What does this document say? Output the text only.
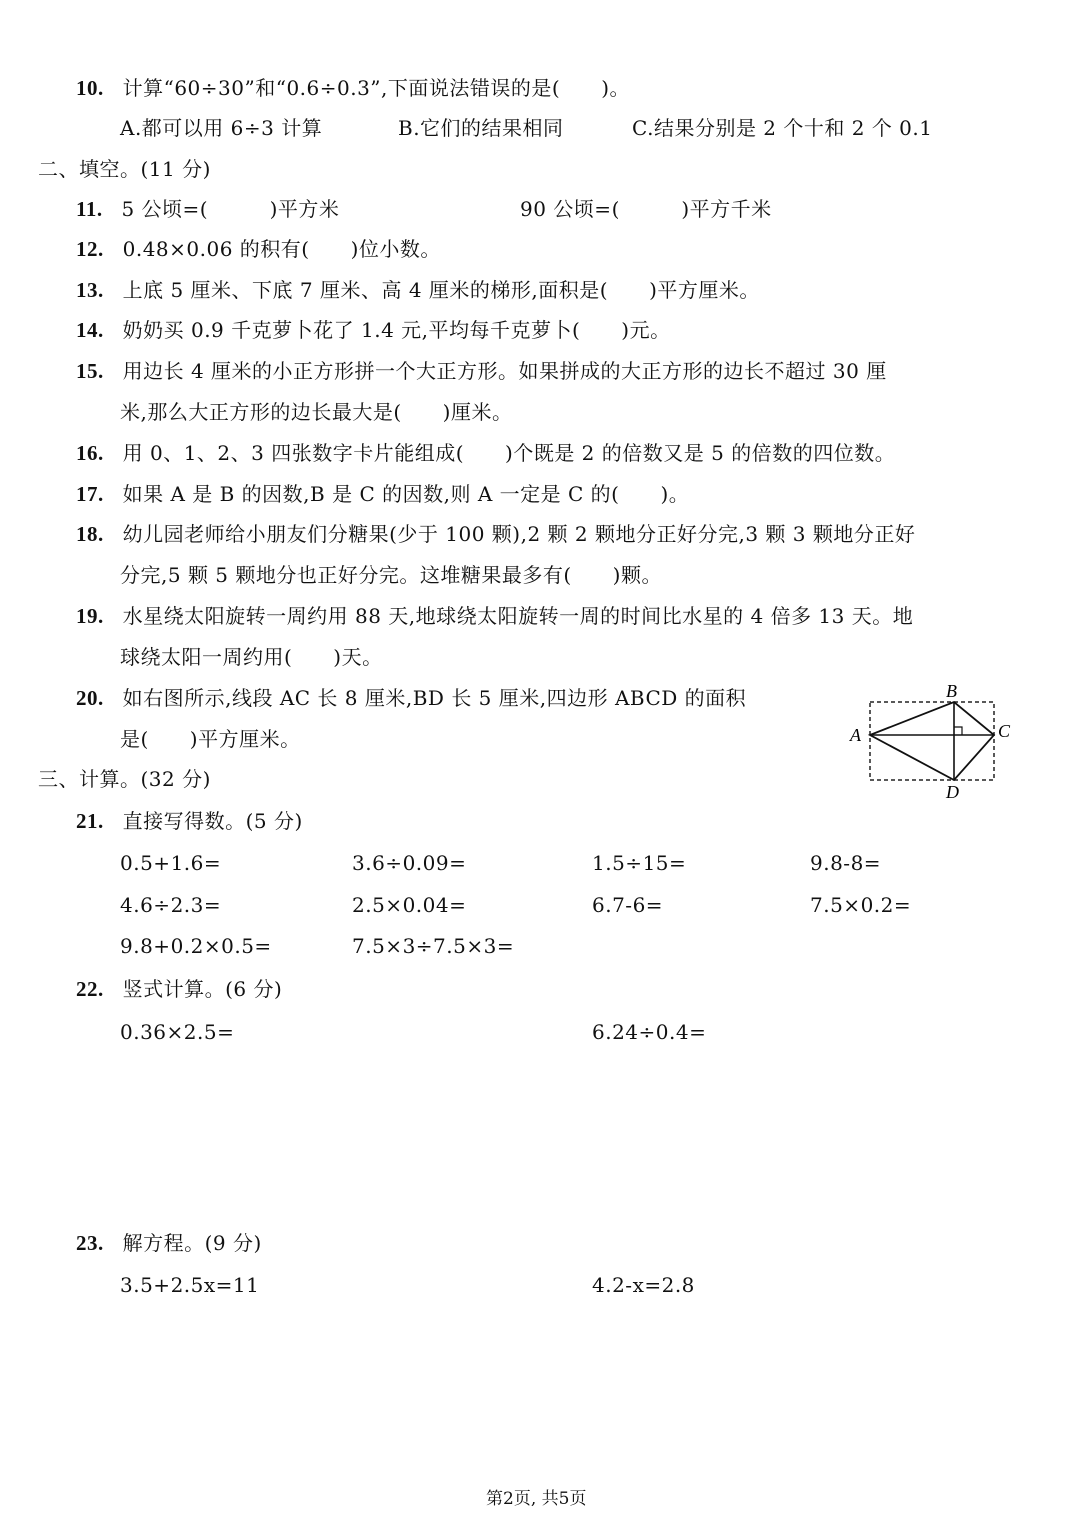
10. 计算“60÷30”和“0.6÷0.3”,下面说法错误的是(　　)。
A.都可以用 6÷3 计算	B.它们的结果相同	C.结果分别是 2 个十和 2 个 0.1
二、填空。(11 分)
11. 5 公顷=(　　　)平方米	90 公顷=(　　　)平方千米
12. 0.48×0.06 的积有(　　)位小数。
13. 上底 5 厘米、下底 7 厘米、高 4 厘米的梯形,面积是(　　)平方厘米。
14. 奶奶买 0.9 千克萝卜花了 1.4 元,平均每千克萝卜(　　)元。
15. 用边长 4 厘米的小正方形拼一个大正方形。如果拼成的大正方形的边长不超过 30 厘
米,那么大正方形的边长最大是(　　)厘米。
16. 用 0、1、2、3 四张数字卡片能组成(　　)个既是 2 的倍数又是 5 的倍数的四位数。
17. 如果 A 是 B 的因数,B 是 C 的因数,则 A 一定是 C 的(　　)。
18. 幼儿园老师给小朋友们分糖果(少于 100 颗),2 颗 2 颗地分正好分完,3 颗 3 颗地分正好
分完,5 颗 5 颗地分也正好分完。这堆糖果最多有(　　)颗。
19. 水星绕太阳旋转一周约用 88 天,地球绕太阳旋转一周的时间比水星的 4 倍多 13 天。地
球绕太阳一周约用(　　)天。
20. 如右图所示,线段 AC 长 8 厘米,BD 长 5 厘米,四边形 ABCD 的面积
是(　　)平方厘米。	A
B
C
D
三、计算。(32 分)
21. 直接写得数。(5 分)
0.5+1.6=	3.6÷0.09=	1.5÷15=	9.8-8=
4.6÷2.3=	2.5×0.04=	6.7-6=	7.5×0.2=
9.8+0.2×0.5=	7.5×3÷7.5×3=
22. 竖式计算。(6 分)
0.36×2.5=	6.24÷0.4=
23. 解方程。(9 分)
3.5+2.5x=11	4.2-x=2.8
第2页, 共5页
